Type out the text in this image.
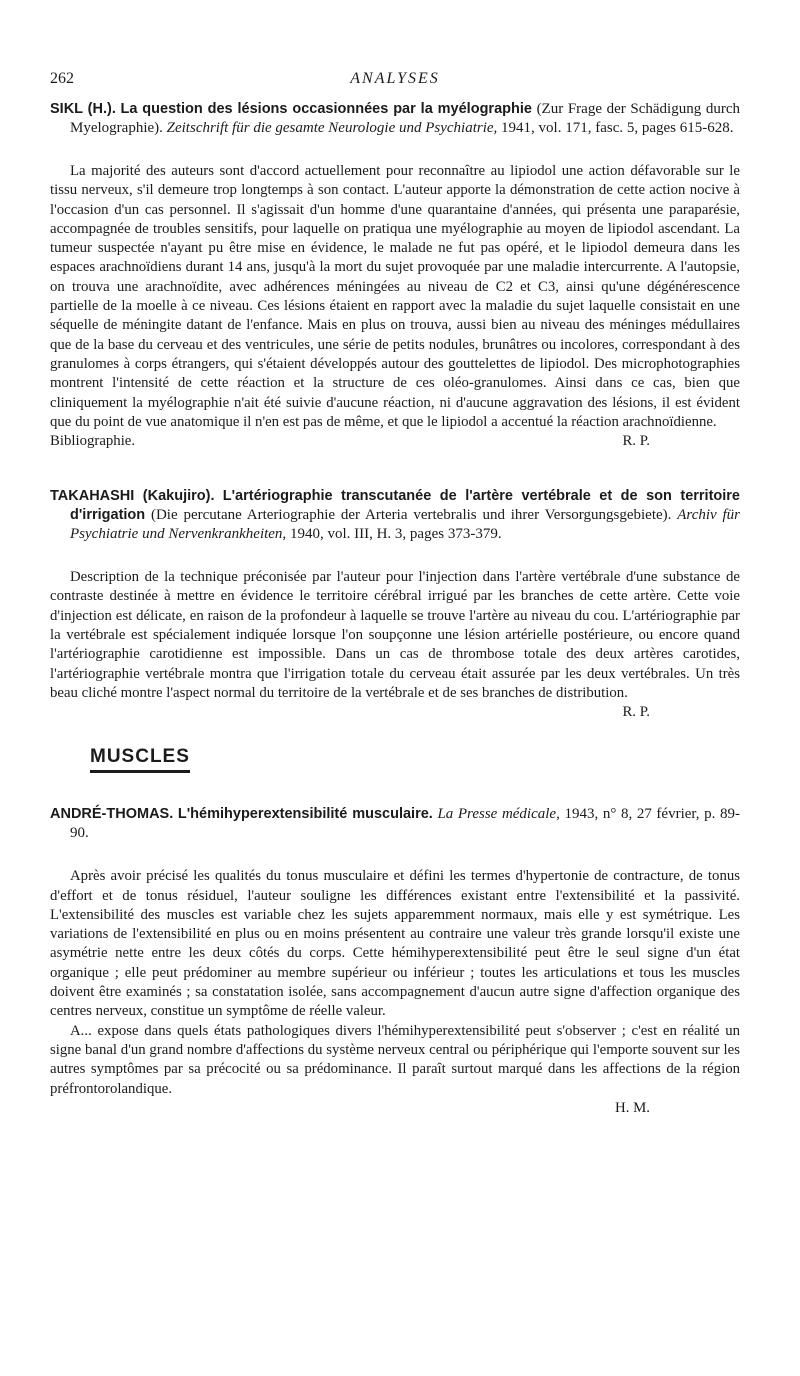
262	ANALYSES

SIKL (H.). La question des lésions occasionnées par la myélographie (Zur Frage der Schädigung durch Myelographie). Zeitschrift für die gesamte Neurologie und Psychiatrie, 1941, vol. 171, fasc. 5, pages 615-628.

La majorité des auteurs sont d'accord actuellement pour reconnaître au lipiodol une action défavorable sur le tissu nerveux, s'il demeure trop longtemps à son contact. L'auteur apporte la démonstration de cette action nocive à l'occasion d'un cas personnel. Il s'agissait d'un homme d'une quarantaine d'années, qui présenta une paraparésie, accompagnée de troubles sensitifs, pour laquelle on pratiqua une myélographie au moyen de lipiodol ascendant. La tumeur suspectée n'ayant pu être mise en évidence, le malade ne fut pas opéré, et le lipiodol demeura dans les espaces arachnoïdiens durant 14 ans, jusqu'à la mort du sujet provoquée par une maladie intercurrente. A l'autopsie, on trouva une arachnoïdite, avec adhérences méningées au niveau de C2 et C3, ainsi qu'une dégénérescence partielle de la moelle à ce niveau. Ces lésions étaient en rapport avec la maladie du sujet laquelle consistait en une séquelle de méningite datant de l'enfance. Mais en plus on trouva, aussi bien au niveau des méninges médullaires que de la base du cerveau et des ventricules, une série de petits nodules, brunâtres ou incolores, correspondant à des granulomes à corps étrangers, qui s'étaient développés autour des gouttelettes de lipiodol. Des microphotographies montrent l'intensité de cette réaction et la structure de ces oléo-granulomes. Ainsi dans ce cas, bien que cliniquement la myélographie n'ait été suivie d'aucune réaction, ni d'aucune aggravation des lésions, il est évident que du point de vue anatomique il n'en est pas de même, et que le lipiodol a accentué la réaction arachnoïdienne.

Bibliographie.	R. P.

TAKAHASHI (Kakujiro). L'artériographie transcutanée de l'artère vertébrale et de son territoire d'irrigation (Die percutane Arteriographie der Arteria vertebralis und ihrer Versorgungsgebiete). Archiv für Psychiatrie und Nervenkrankheiten, 1940, vol. III, H. 3, pages 373-379.

Description de la technique préconisée par l'auteur pour l'injection dans l'artère vertébrale d'une substance de contraste destinée à mettre en évidence le territoire cérébral irrigué par les branches de cette artère. Cette voie d'injection est délicate, en raison de la profondeur à laquelle se trouve l'artère au niveau du cou. L'artériographie par la vertébrale est spécialement indiquée lorsque l'on soupçonne une lésion artérielle postérieure, ou encore quand l'artériographie carotidienne est impossible. Dans un cas de thrombose totale des deux artères carotides, l'artériographie vertébrale montra que l'irrigation totale du cerveau était assurée par les deux vertébrales. Un très beau cliché montre l'aspect normal du territoire de la vertébrale et de ses branches de distribution.

R. P.
MUSCLES

ANDRÉ-THOMAS. L'hémihyperextensibilité musculaire. La Presse médicale, 1943, n° 8, 27 février, p. 89-90.

Après avoir précisé les qualités du tonus musculaire et défini les termes d'hypertonie de contracture, de tonus d'effort et de tonus résiduel, l'auteur souligne les différences existant entre l'extensibilité et la passivité. L'extensibilité des muscles est variable chez les sujets apparemment normaux, mais elle y est symétrique. Les variations de l'extensibilité en plus ou en moins présentent au contraire une valeur très grande lorsqu'il existe une asymétrie nette entre les deux côtés du corps. Cette hémihyperextensibilité peut être le seul signe d'un état organique ; elle peut prédominer au membre supérieur ou inférieur ; toutes les articulations et tous les muscles doivent être examinés ; sa constatation isolée, sans accompagnement d'aucun autre signe d'affection organique des centres nerveux, constitue un symptôme de réelle valeur.

A... expose dans quels états pathologiques divers l'hémihyperextensibilité peut s'observer ; c'est en réalité un signe banal d'un grand nombre d'affections du système nerveux central ou périphérique qui l'emporte souvent sur les autres symptômes par sa précocité ou sa prédominance. Il paraît surtout marqué dans les affections de la région préfrontorolandique.

H. M.
